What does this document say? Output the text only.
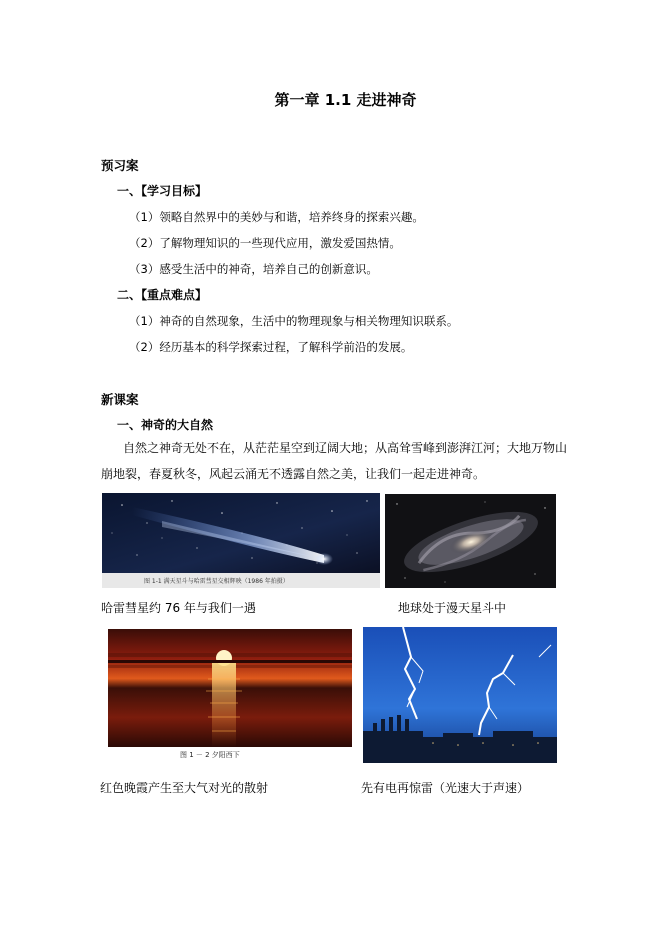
第一章 1.1 走进神奇
预习案
一、【学习目标】
（1）领略自然界中的美妙与和谐，培养终身的探索兴趣。
（2）了解物理知识的一些现代应用，激发爱国热情。
（3）感受生活中的神奇，培养自己的创新意识。
二、【重点难点】
（1）神奇的自然现象，生活中的物理现象与相关物理知识联系。
（2）经历基本的科学探索过程，了解科学前沿的发展。
新课案
一、神奇的大自然
自然之神奇无处不在，从茫茫星空到辽阔大地；从高耸雪峰到澎湃江河；大地万物山崩地裂，春夏秋冬，风起云涌无不透露自然之美，让我们一起走进神奇。
图 1-1 满天星斗与哈雷彗星交相辉映（1986 年拍摄）
哈雷彗星约 76 年与我们一遇	地球处于漫天星斗中
图 1 － 2 夕阳西下
红色晚霞产生至大气对光的散射	先有电再惊雷（光速大于声速）
